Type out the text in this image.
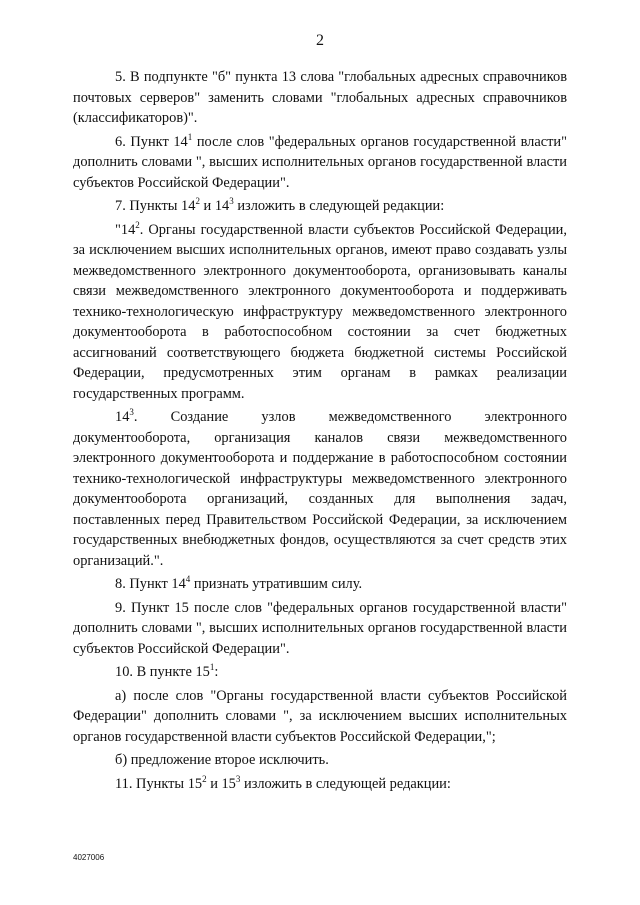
2

5. В подпункте "б" пункта 13 слова "глобальных адресных справочников почтовых серверов" заменить словами "глобальных адресных справочников (классификаторов)".

6. Пункт $14^1$ после слов "федеральных органов государственной власти" дополнить словами ", высших исполнительных органов государственной власти субъектов Российской Федерации".

7. Пункты $14^2$ и $14^3$ изложить в следующей редакции:

"$14^2$. Органы государственной власти субъектов Российской Федерации, за исключением высших исполнительных органов, имеют право создавать узлы межведомственного электронного документооборота, организовывать каналы связи межведомственного электронного документооборота и поддерживать технико-технологическую инфраструктуру межведомственного электронного документооборота в работоспособном состоянии за счет бюджетных ассигнований соответствующего бюджета бюджетной системы Российской Федерации, предусмотренных этим органам в рамках реализации государственных программ.

$14^3$. Создание узлов межведомственного электронного документооборота, организация каналов связи межведомственного электронного документооборота и поддержание в работоспособном состоянии технико-технологической инфраструктуры межведомственного электронного документооборота организаций, созданных для выполнения задач, поставленных перед Правительством Российской Федерации, за исключением государственных внебюджетных фондов, осуществляются за счет средств этих организаций.".

8. Пункт $14^4$ признать утратившим силу.

9. Пункт 15 после слов "федеральных органов государственной власти" дополнить словами ", высших исполнительных органов государственной власти субъектов Российской Федерации".

10. В пункте $15^1$:

а) после слов "Органы государственной власти субъектов Российской Федерации" дополнить словами ", за исключением высших исполнительных органов государственной власти субъектов Российской Федерации,";

б) предложение второе исключить.

11. Пункты $15^2$ и $15^3$ изложить в следующей редакции:

4027006
